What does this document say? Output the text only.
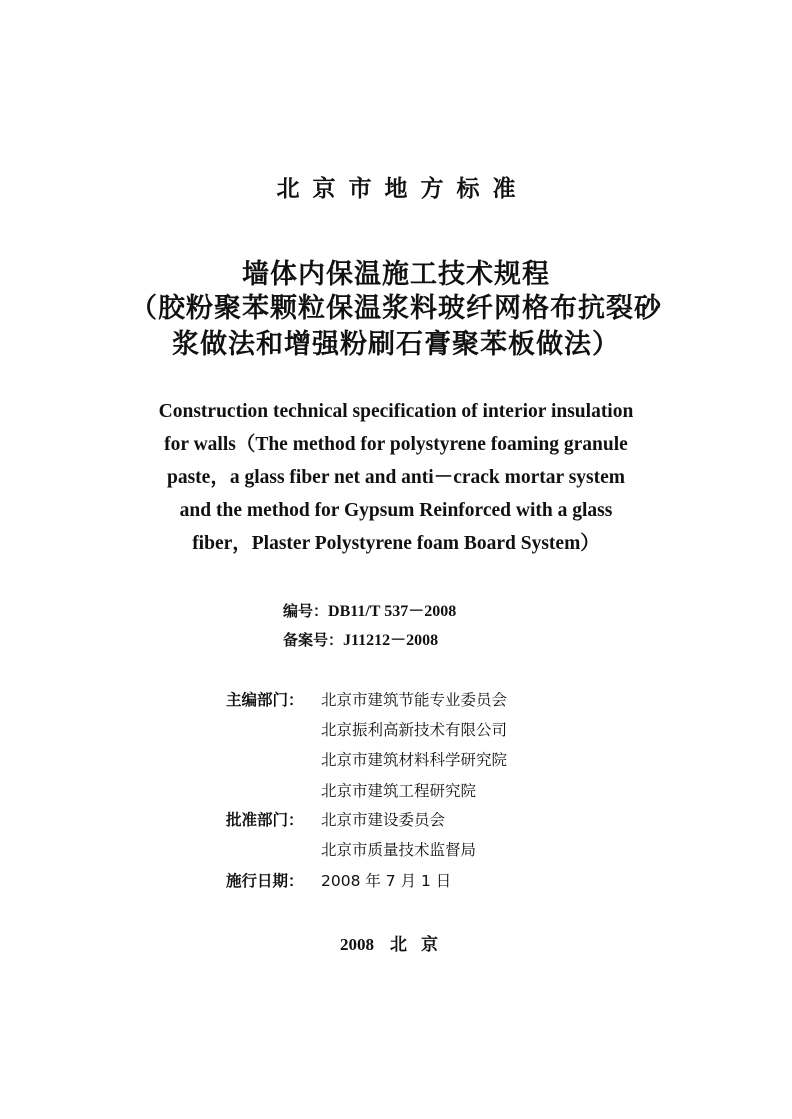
北京市地方标准
墙体内保温施工技术规程
（胶粉聚苯颗粒保温浆料玻纤网格布抗裂砂
浆做法和增强粉刷石膏聚苯板做法）
Construction technical specification of interior insulation
for walls（The method for polystyrene foaming granule
paste，a glass fiber net and anti－crack mortar system
and the method for Gypsum Reinforced with a glass
fiber，Plaster Polystyrene foam Board System）
编号：DB11/T 537－2008
备案号：J11212－2008
主编部门：	北京市建筑节能专业委员会
北京振利高新技术有限公司
北京市建筑材料科学研究院
北京市建筑工程研究院
批准部门：	北京市建设委员会
北京市质量技术监督局
施行日期：	2008 年 7 月 1 日
2008 北京
